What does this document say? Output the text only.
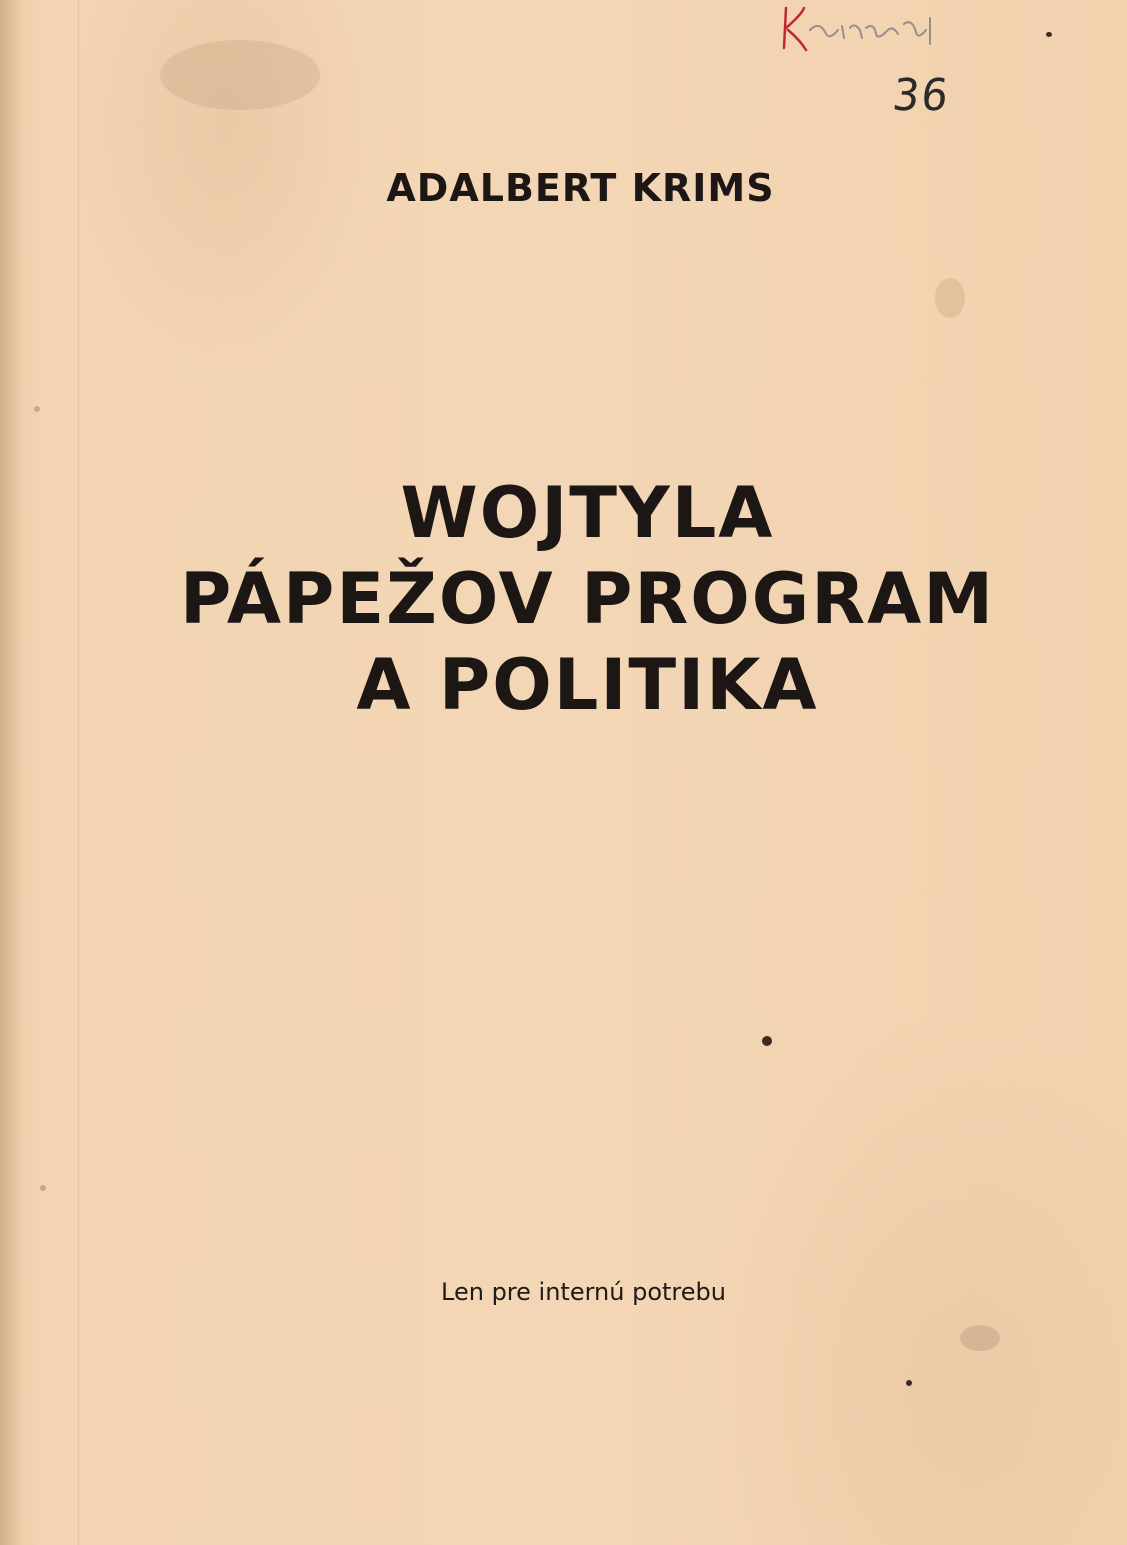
Krimo
36
ADALBERT KRIMS
WOJTYLA
PÁPEŽOV PROGRAM
A POLITIKA
Len pre internú potrebu
